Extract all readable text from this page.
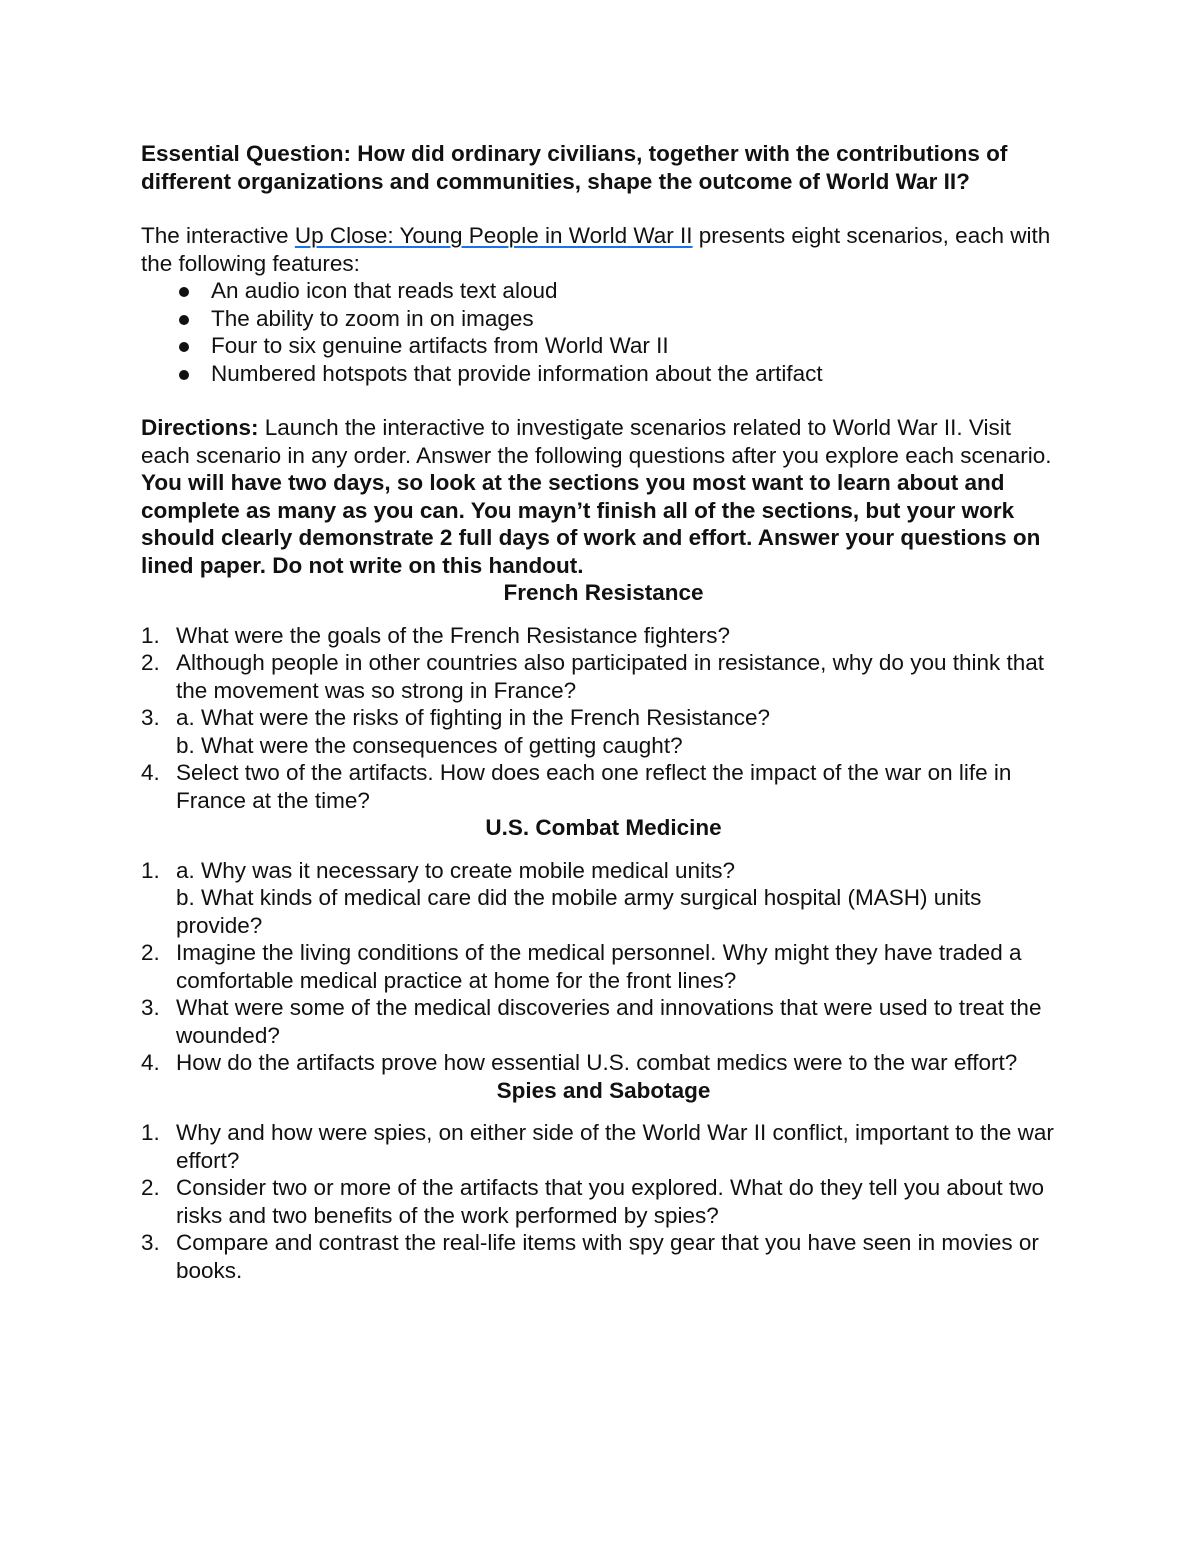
Essential Question: How did ordinary civilians, together with the contributions of different organizations and communities, shape the outcome of World War II?

The interactive Up Close: Young People in World War II presents eight scenarios, each with the following features:

An audio icon that reads text aloud
The ability to zoom in on images
Four to six genuine artifacts from World War II
Numbered hotspots that provide information about the artifact

Directions: Launch the interactive to investigate scenarios related to World War II. Visit each scenario in any order. Answer the following questions after you explore each scenario. You will have two days, so look at the sections you most want to learn about and complete as many as you can. You mayn’t finish all of the sections, but your work should clearly demonstrate 2 full days of work and effort. Answer your questions on lined paper. Do not write on this handout.

French Resistance
1. What were the goals of the French Resistance fighters?
2. Although people in other countries also participated in resistance, why do you think that the movement was so strong in France?
3. a. What were the risks of fighting in the French Resistance?
b. What were the consequences of getting caught?
4. Select two of the artifacts. How does each one reflect the impact of the war on life in France at the time?
U.S. Combat Medicine
1. a. Why was it necessary to create mobile medical units?
b. What kinds of medical care did the mobile army surgical hospital (MASH) units provide?
2. Imagine the living conditions of the medical personnel. Why might they have traded a comfortable medical practice at home for the front lines?
3. What were some of the medical discoveries and innovations that were used to treat the wounded?
4. How do the artifacts prove how essential U.S. combat medics were to the war effort?
Spies and Sabotage
1. Why and how were spies, on either side of the World War II conflict, important to the war effort?
2. Consider two or more of the artifacts that you explored. What do they tell you about two risks and two benefits of the work performed by spies?
3. Compare and contrast the real-life items with spy gear that you have seen in movies or books.
